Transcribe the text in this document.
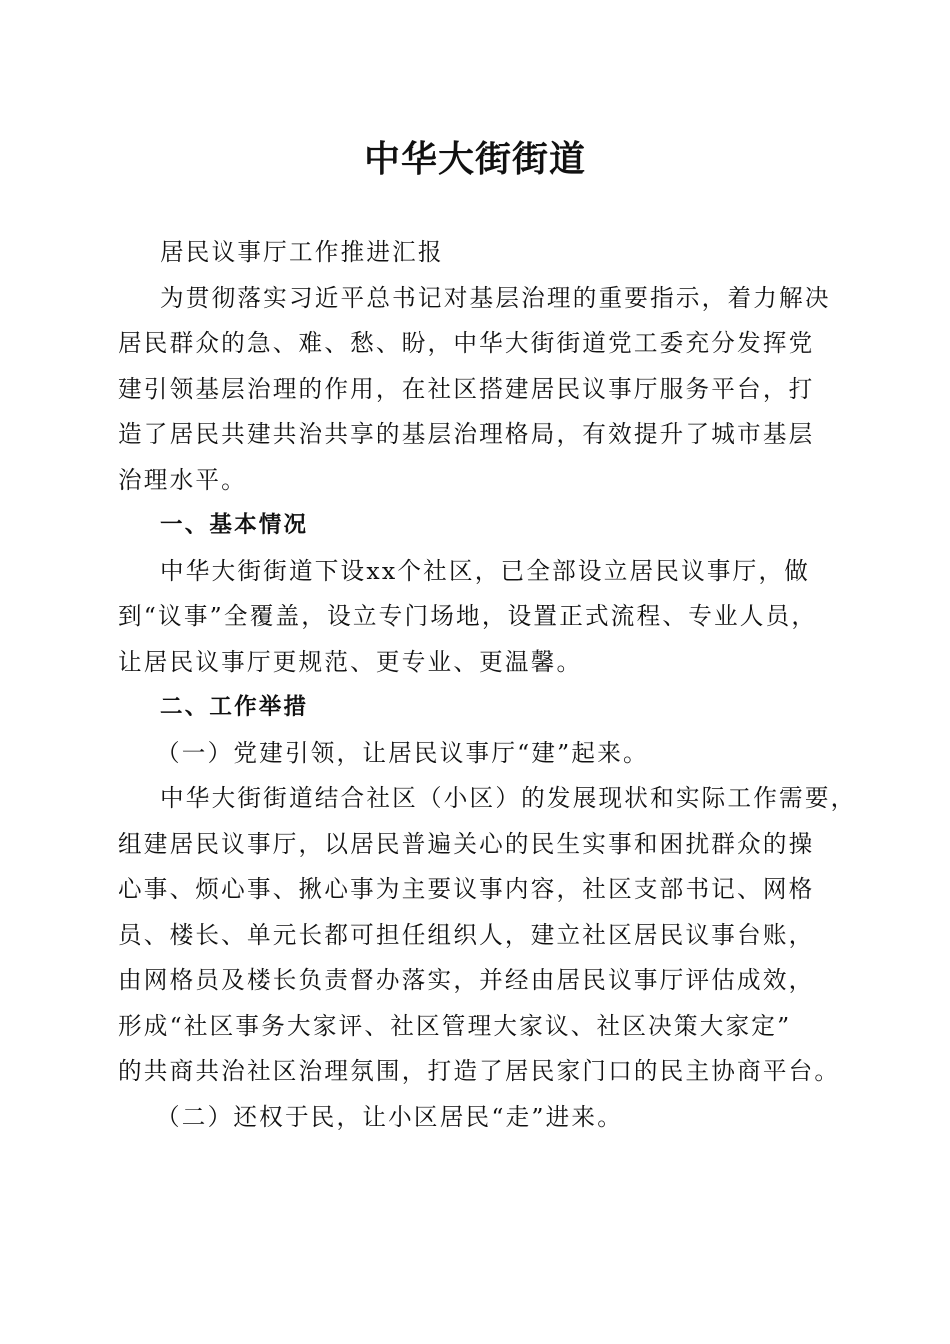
中华大街街道

居民议事厅工作推进汇报

为贯彻落实习近平总书记对基层治理的重要指示，着力解决

居民群众的急、难、愁、盼，中华大街街道党工委充分发挥党

建引领基层治理的作用，在社区搭建居民议事厅服务平台，打

造了居民共建共治共享的基层治理格局，有效提升了城市基层

治理水平。

一、基本情况

中华大街街道下设xx个社区，已全部设立居民议事厅，做

到“议事”全覆盖，设立专门场地，设置正式流程、专业人员，

让居民议事厅更规范、更专业、更温馨。

二、工作举措

（一）党建引领，让居民议事厅“建”起来。

中华大街街道结合社区（小区）的发展现状和实际工作需要，

组建居民议事厅，以居民普遍关心的民生实事和困扰群众的操

心事、烦心事、揪心事为主要议事内容，社区支部书记、网格

员、楼长、单元长都可担任组织人，建立社区居民议事台账，

由网格员及楼长负责督办落实，并经由居民议事厅评估成效，

形成“社区事务大家评、社区管理大家议、社区决策大家定”

的共商共治社区治理氛围，打造了居民家门口的民主协商平台。

（二）还权于民，让小区居民“走”进来。
